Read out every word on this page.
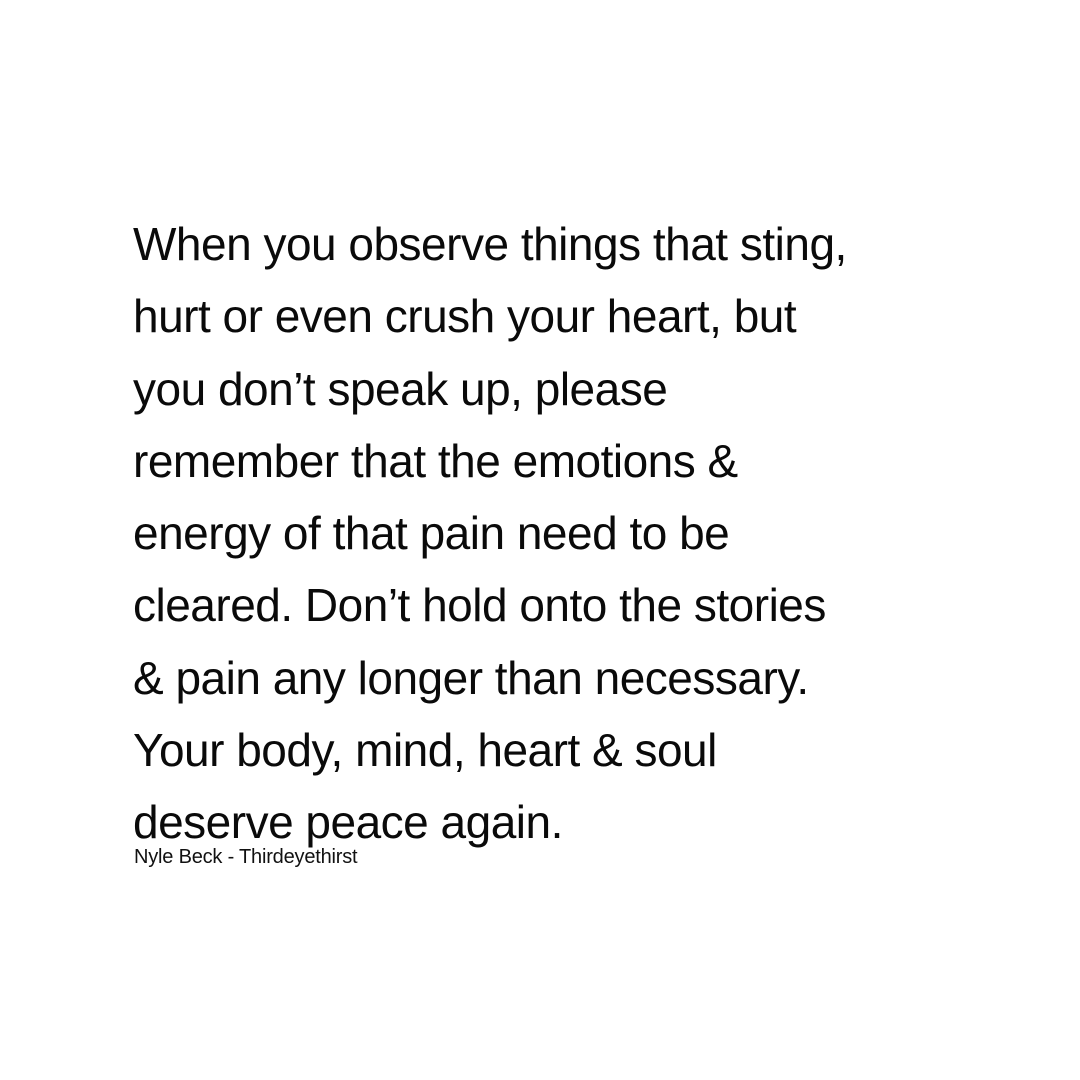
When you observe things that sting,
hurt or even crush your heart, but
you don’t speak up, please
remember that the emotions &
energy of that pain need to be
cleared. Don’t hold onto the stories
& pain any longer than necessary.
Your body, mind, heart & soul
deserve peace again.

Nyle Beck - Thirdeyethirst
